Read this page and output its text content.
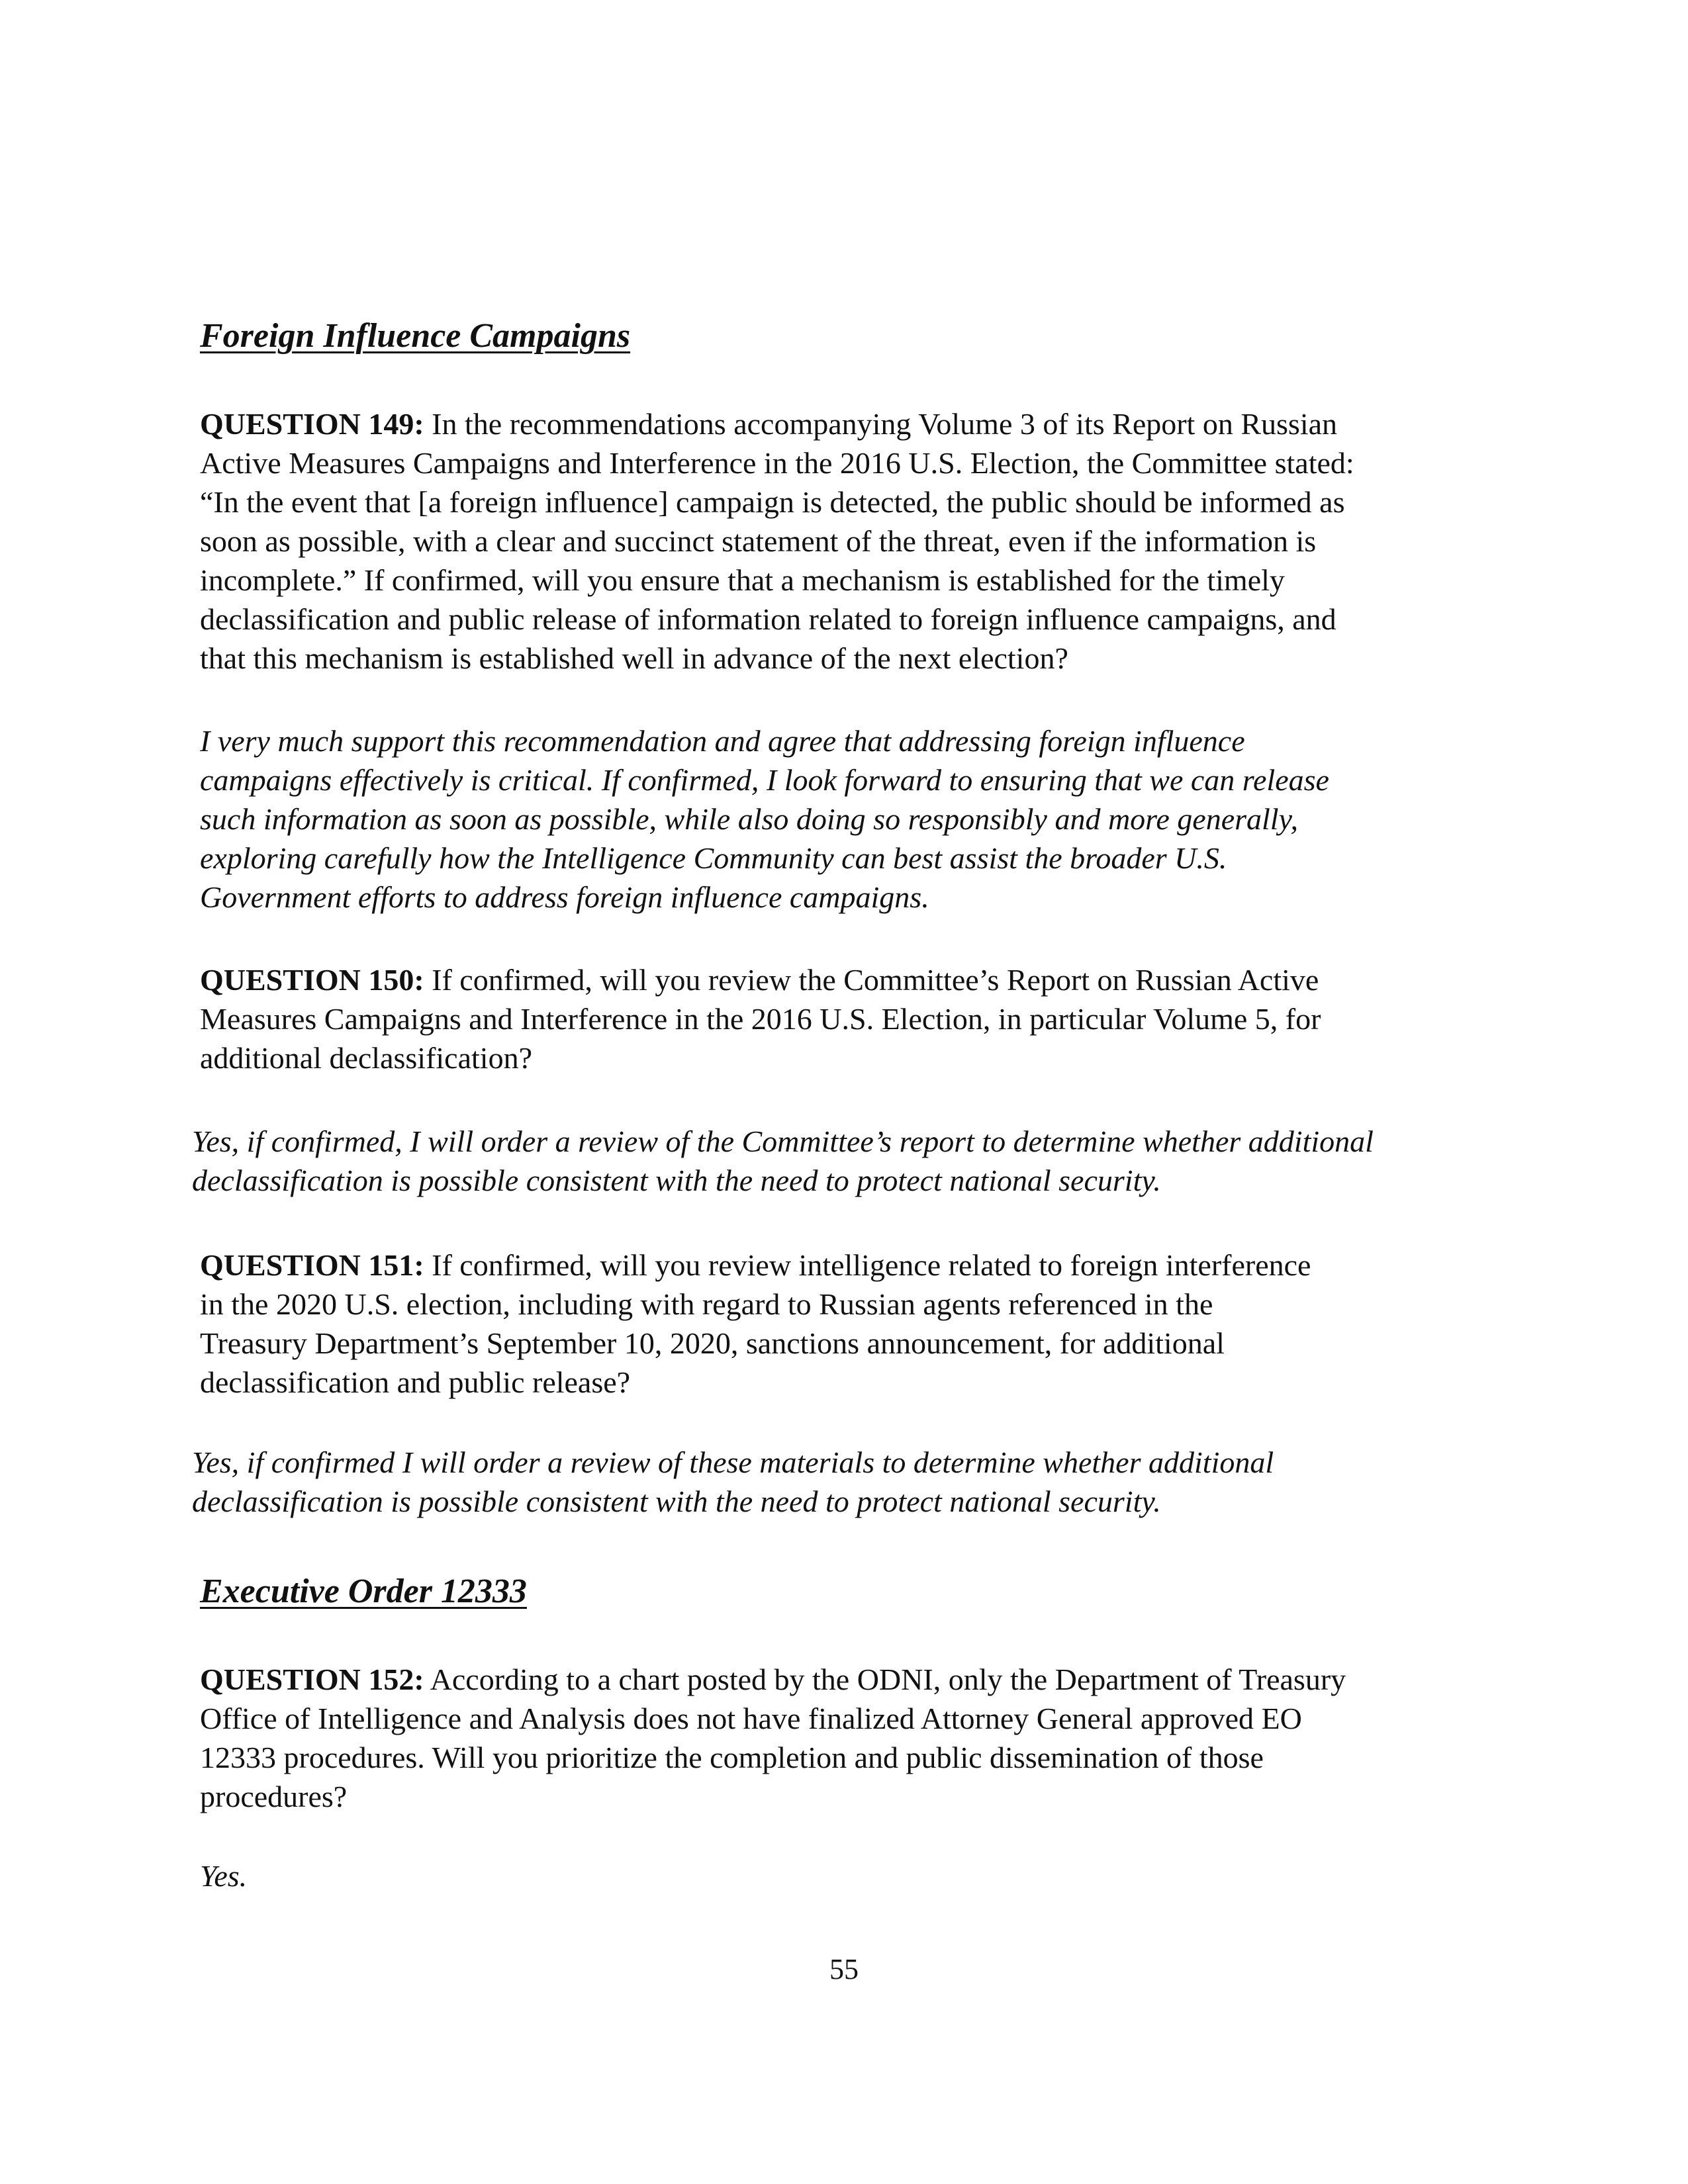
Foreign Influence Campaigns
QUESTION 149: In the recommendations accompanying Volume 3 of its Report on Russian
Active Measures Campaigns and Interference in the 2016 U.S. Election, the Committee stated:
“In the event that [a foreign influence] campaign is detected, the public should be informed as
soon as possible, with a clear and succinct statement of the threat, even if the information is
incomplete.” If confirmed, will you ensure that a mechanism is established for the timely
declassification and public release of information related to foreign influence campaigns, and
that this mechanism is established well in advance of the next election?
I very much support this recommendation and agree that addressing foreign influence
campaigns effectively is critical. If confirmed, I look forward to ensuring that we can release
such information as soon as possible, while also doing so responsibly and more generally,
exploring carefully how the Intelligence Community can best assist the broader U.S.
Government efforts to address foreign influence campaigns.
QUESTION 150: If confirmed, will you review the Committee’s Report on Russian Active
Measures Campaigns and Interference in the 2016 U.S. Election, in particular Volume 5, for
additional declassification?
Yes, if confirmed, I will order a review of the Committee’s report to determine whether additional
declassification is possible consistent with the need to protect national security.
QUESTION 151: If confirmed, will you review intelligence related to foreign interference
in the 2020 U.S. election, including with regard to Russian agents referenced in the
Treasury Department’s September 10, 2020, sanctions announcement, for additional
declassification and public release?
Yes, if confirmed I will order a review of these materials to determine whether additional
declassification is possible consistent with the need to protect national security.
Executive Order 12333
QUESTION 152: According to a chart posted by the ODNI, only the Department of Treasury
Office of Intelligence and Analysis does not have finalized Attorney General approved EO
12333 procedures. Will you prioritize the completion and public dissemination of those
procedures?
Yes.
55
